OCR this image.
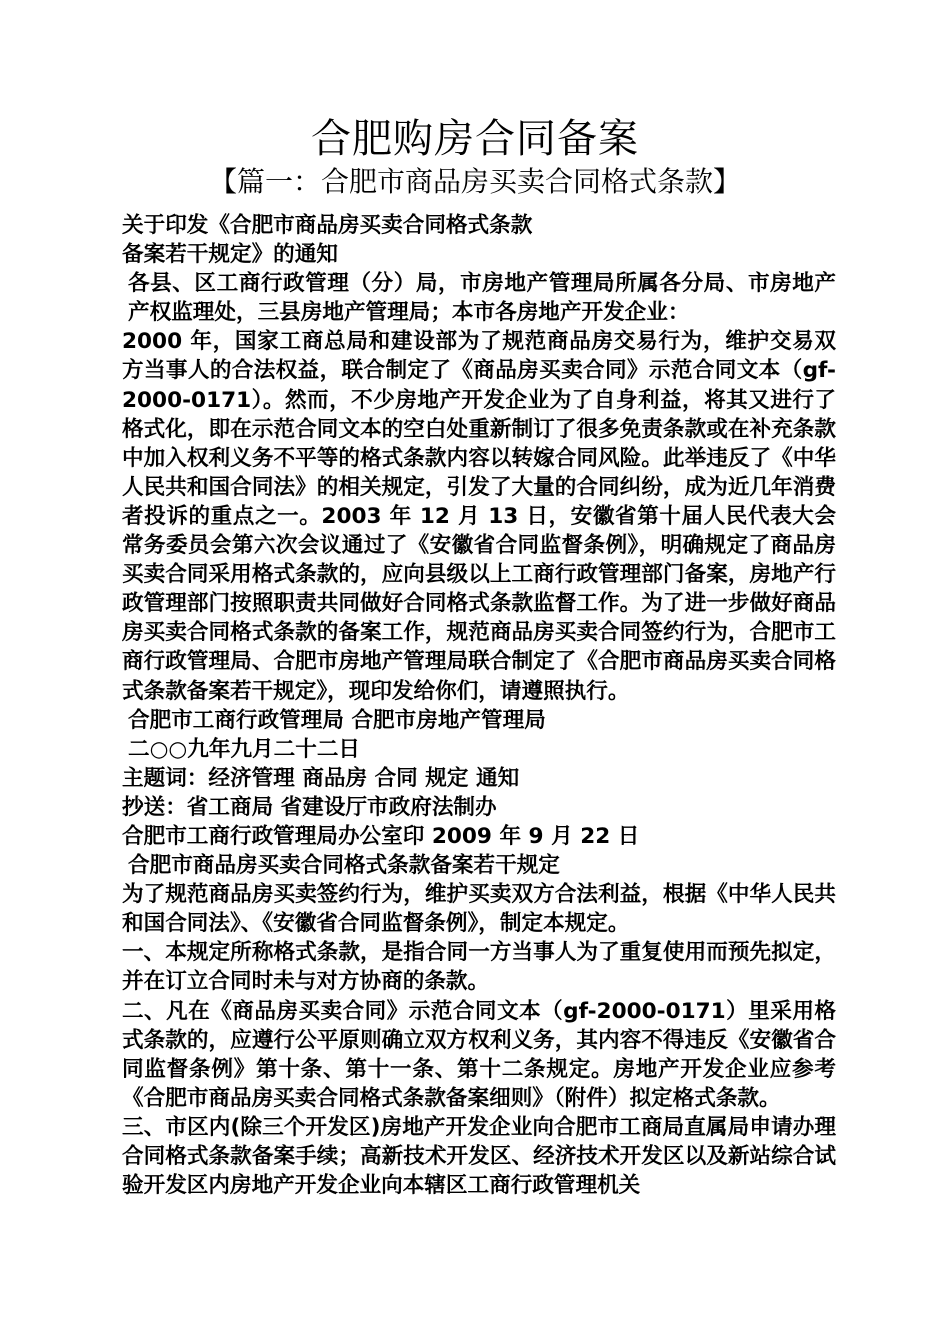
合肥购房合同备案
【篇一：合肥市商品房买卖合同格式条款】

关于印发《合肥市商品房买卖合同格式条款

备案若干规定》的通知

各县、区工商行政管理（分）局，市房地产管理局所属各分局、市房地产产权监理处，三县房地产管理局；本市各房地产开发企业：

2000 年，国家工商总局和建设部为了规范商品房交易行为，维护交易双方当事人的合法权益，联合制定了《商品房买卖合同》示范合同文本（gf-2000-0171）。然而，不少房地产开发企业为了自身利益，将其又进行了格式化，即在示范合同文本的空白处重新制订了很多免责条款或在补充条款中加入权利义务不平等的格式条款内容以转嫁合同风险。此举违反了《中华人民共和国合同法》的相关规定，引发了大量的合同纠纷，成为近几年消费者投诉的重点之一。2003 年 12 月 13 日，安徽省第十届人民代表大会常务委员会第六次会议通过了《安徽省合同监督条例》，明确规定了商品房买卖合同采用格式条款的，应向县级以上工商行政管理部门备案，房地产行政管理部门按照职责共同做好合同格式条款监督工作。为了进一步做好商品房买卖合同格式条款的备案工作，规范商品房买卖合同签约行为，合肥市工商行政管理局、合肥市房地产管理局联合制定了《合肥市商品房买卖合同格式条款备案若干规定》，现印发给你们，请遵照执行。

合肥市工商行政管理局 合肥市房地产管理局

二○○九年九月二十二日

主题词：经济管理 商品房 合同 规定 通知

抄送：省工商局 省建设厅市政府法制办

合肥市工商行政管理局办公室印 2009 年 9 月 22 日

合肥市商品房买卖合同格式条款备案若干规定

为了规范商品房买卖签约行为，维护买卖双方合法利益，根据《中华人民共和国合同法》、《安徽省合同监督条例》，制定本规定。

一、本规定所称格式条款，是指合同一方当事人为了重复使用而预先拟定，并在订立合同时未与对方协商的条款。

二、凡在《商品房买卖合同》示范合同文本（gf-2000-0171）里采用格式条款的，应遵行公平原则确立双方权利义务，其内容不得违反《安徽省合同监督条例》第十条、第十一条、第十二条规定。房地产开发企业应参考《合肥市商品房买卖合同格式条款备案细则》（附件）拟定格式条款。

三、市区内(除三个开发区)房地产开发企业向合肥市工商局直属局申请办理合同格式条款备案手续；高新技术开发区、经济技术开发区以及新站综合试验开发区内房地产开发企业向本辖区工商行政管理机关
